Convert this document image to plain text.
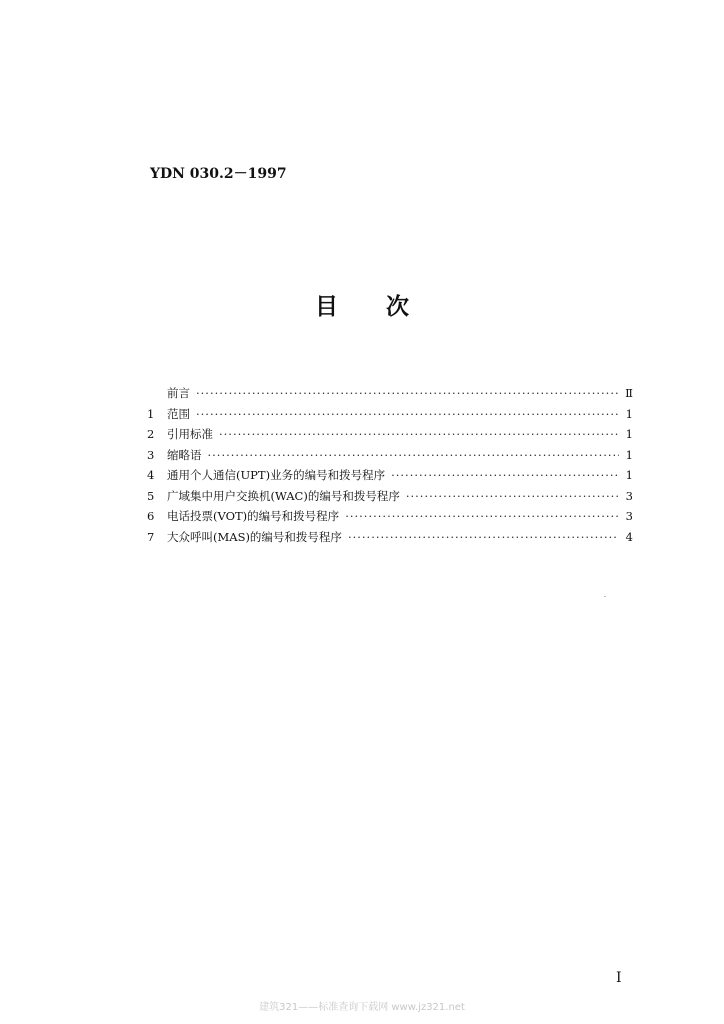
YDN 030.2－1997
目 次
前言 ·····	Ⅱ
1	范围 ·····	1
2	引用标准 ·····	1
3	缩略语 ·····	1
4	通用个人通信(UPT)业务的编号和拨号程序 ·····	1
5	广域集中用户交换机(WAC)的编号和拨号程序 ·····	3
6	电话投票(VOT)的编号和拨号程序 ·····	3
7	大众呼叫(MAS)的编号和拨号程序 ·····	4
I
建筑321——标准查询下载网 www.jz321.net
